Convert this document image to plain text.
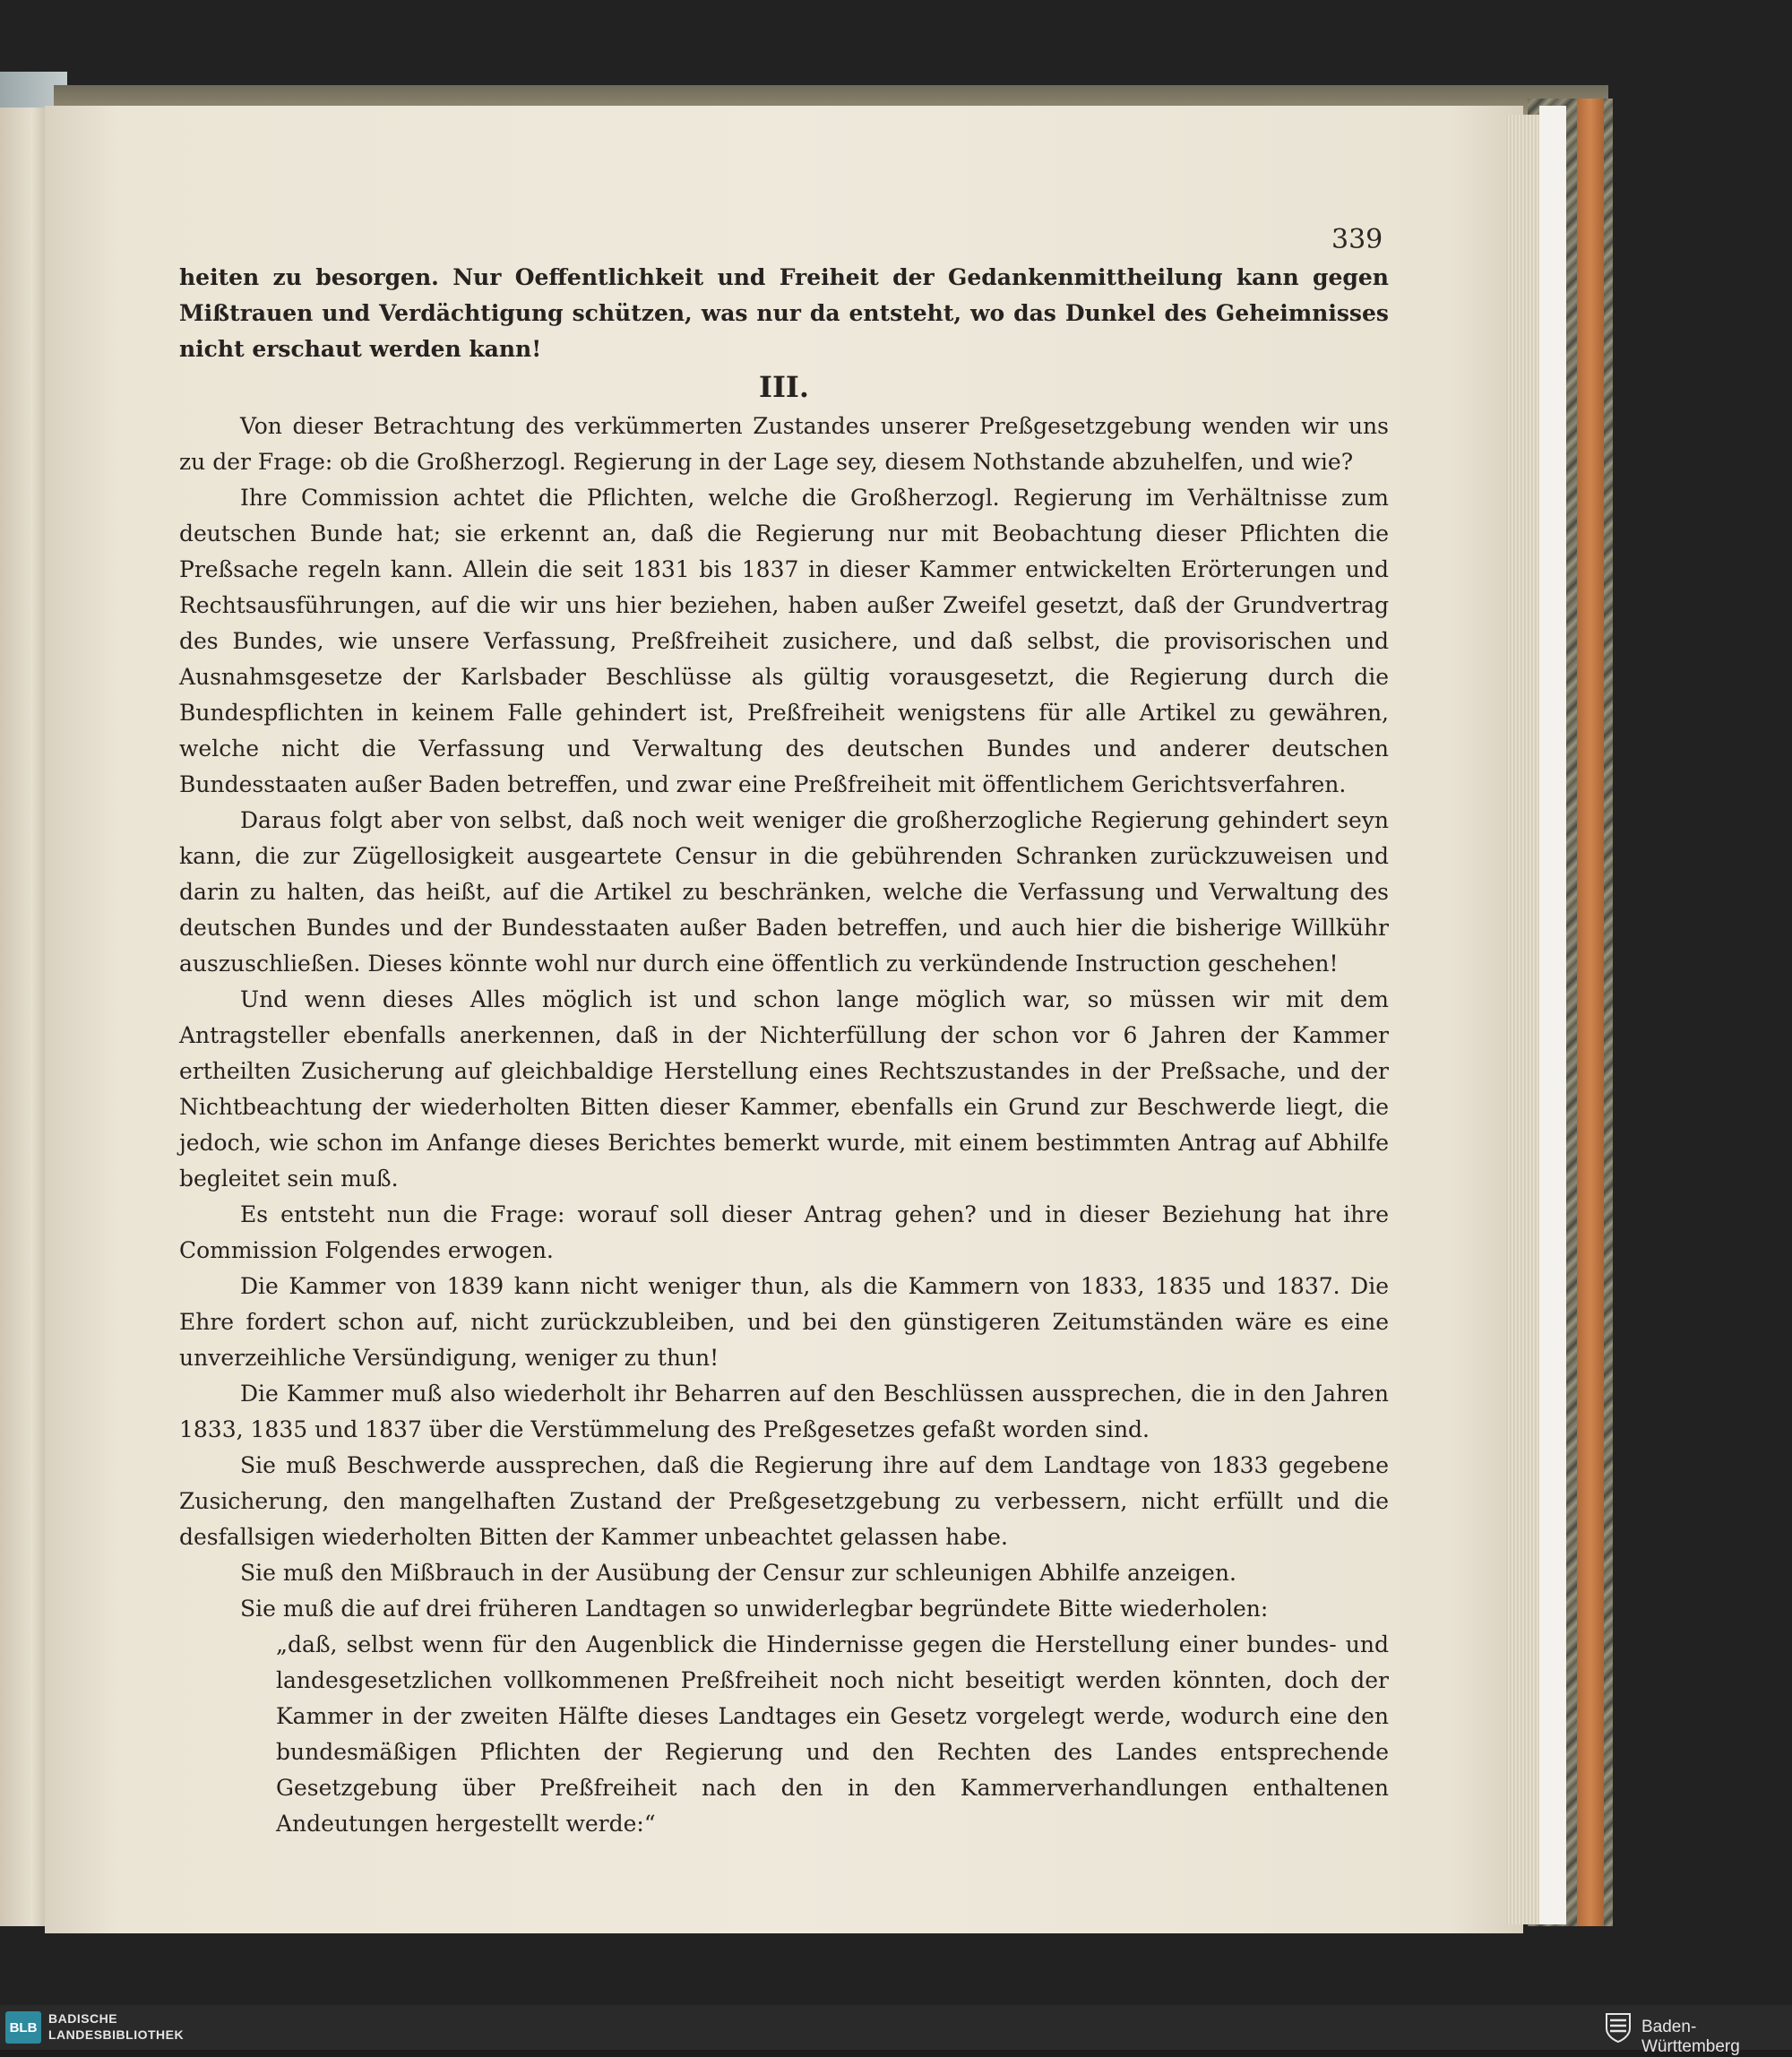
339

heiten zu besorgen. Nur Oeffentlichkeit und Freiheit der Gedankenmittheilung kann gegen Mißtrauen und Verdächtigung schützen, was nur da entsteht, wo das Dunkel des Geheimnisses nicht erschaut werden kann!

III.

Von dieser Betrachtung des verkümmerten Zustandes unserer Preßgesetzgebung wenden wir uns zu der Frage: ob die Großherzogl. Regierung in der Lage sey, diesem Nothstande abzuhelfen, und wie?

Ihre Commission achtet die Pflichten, welche die Großherzogl. Regierung im Verhältnisse zum deutschen Bunde hat; sie erkennt an, daß die Regierung nur mit Beobachtung dieser Pflichten die Preßsache regeln kann. Allein die seit 1831 bis 1837 in dieser Kammer entwickelten Erörterungen und Rechtsausführungen, auf die wir uns hier beziehen, haben außer Zweifel gesetzt, daß der Grundvertrag des Bundes, wie unsere Verfassung, Preßfreiheit zusichere, und daß selbst, die provisorischen und Ausnahmsgesetze der Karlsbader Beschlüsse als gültig vorausgesetzt, die Regierung durch die Bundespflichten in keinem Falle gehindert ist, Preßfreiheit wenigstens für alle Artikel zu gewähren, welche nicht die Verfassung und Verwaltung des deutschen Bundes und anderer deutschen Bundesstaaten außer Baden betreffen, und zwar eine Preßfreiheit mit öffentlichem Gerichtsverfahren.

Daraus folgt aber von selbst, daß noch weit weniger die großherzogliche Regierung gehindert seyn kann, die zur Zügellosigkeit ausgeartete Censur in die gebührenden Schranken zurückzuweisen und darin zu halten, das heißt, auf die Artikel zu beschränken, welche die Verfassung und Verwaltung des deutschen Bundes und der Bundesstaaten außer Baden betreffen, und auch hier die bisherige Willkühr auszuschließen. Dieses könnte wohl nur durch eine öffentlich zu verkündende Instruction geschehen!

Und wenn dieses Alles möglich ist und schon lange möglich war, so müssen wir mit dem Antragsteller ebenfalls anerkennen, daß in der Nichterfüllung der schon vor 6 Jahren der Kammer ertheilten Zusicherung auf gleichbaldige Herstellung eines Rechtszustandes in der Preßsache, und der Nichtbeachtung der wiederholten Bitten dieser Kammer, ebenfalls ein Grund zur Beschwerde liegt, die jedoch, wie schon im Anfange dieses Berichtes bemerkt wurde, mit einem bestimmten Antrag auf Abhilfe begleitet sein muß.

Es entsteht nun die Frage: worauf soll dieser Antrag gehen? und in dieser Beziehung hat ihre Commission Folgendes erwogen.

Die Kammer von 1839 kann nicht weniger thun, als die Kammern von 1833, 1835 und 1837. Die Ehre fordert schon auf, nicht zurückzubleiben, und bei den günstigeren Zeitumständen wäre es eine unverzeihliche Versündigung, weniger zu thun!

Die Kammer muß also wiederholt ihr Beharren auf den Beschlüssen aussprechen, die in den Jahren 1833, 1835 und 1837 über die Verstümmelung des Preßgesetzes gefaßt worden sind.

Sie muß Beschwerde aussprechen, daß die Regierung ihre auf dem Landtage von 1833 gegebene Zusicherung, den mangelhaften Zustand der Preßgesetzgebung zu verbessern, nicht erfüllt und die desfallsigen wiederholten Bitten der Kammer unbeachtet gelassen habe.

Sie muß den Mißbrauch in der Ausübung der Censur zur schleunigen Abhilfe anzeigen.

Sie muß die auf drei früheren Landtagen so unwiderlegbar begründete Bitte wiederholen:

„daß, selbst wenn für den Augenblick die Hindernisse gegen die Herstellung einer bundes- und landesgesetzlichen vollkommenen Preßfreiheit noch nicht beseitigt werden könnten, doch der Kammer in der zweiten Hälfte dieses Landtages ein Gesetz vorgelegt werde, wodurch eine den bundesmäßigen Pflichten der Regierung und den Rechten des Landes entsprechende Gesetzgebung über Preßfreiheit nach den in den Kammerverhandlungen enthaltenen Andeutungen hergestellt werde:“

BLB
BADISCHE
LANDESBIBLIOTHEK	Baden-Württemberg
